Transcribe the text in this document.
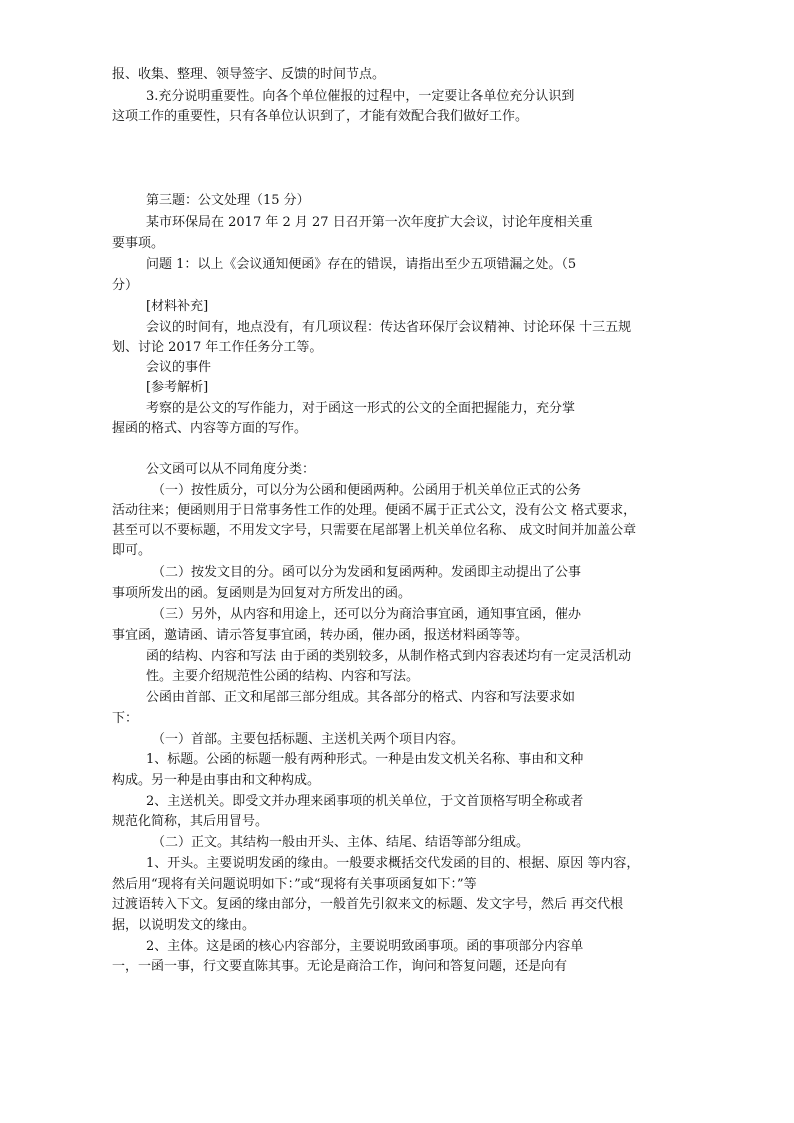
报、收集、整理、领导签字、反馈的时间节点。
3.充分说明重要性。向各个单位催报的过程中，一定要让各单位充分认识到
这项工作的重要性，只有各单位认识到了，才能有效配合我们做好工作。
第三题：公文处理（15 分）
某市环保局在 2017 年 2 月 27 日召开第一次年度扩大会议，讨论年度相关重
要事项。
问题 1：以上《会议通知便函》存在的错误，请指出至少五项错漏之处。（5
分）
[材料补充]
会议的时间有，地点没有，有几项议程：传达省环保厅会议精神、讨论环保 十三五规
划、讨论 2017 年工作任务分工等。
会议的事件
[参考解析]
考察的是公文的写作能力，对于函这一形式的公文的全面把握能力，充分掌
握函的格式、内容等方面的写作。
公文函可以从不同角度分类：
（一）按性质分，可以分为公函和便函两种。公函用于机关单位正式的公务
活动往来；便函则用于日常事务性工作的处理。便函不属于正式公文，没有公文 格式要求，
甚至可以不要标题，不用发文字号，只需要在尾部署上机关单位名称、 成文时间并加盖公章
即可。
（二）按发文目的分。函可以分为发函和复函两种。发函即主动提出了公事
事项所发出的函。复函则是为回复对方所发出的函。
（三）另外，从内容和用途上，还可以分为商洽事宜函，通知事宜函，催办
事宜函，邀请函、请示答复事宜函，转办函，催办函，报送材料函等等。
函的结构、内容和写法 由于函的类别较多，从制作格式到内容表述均有一定灵活机动
性。主要介绍规范性公函的结构、内容和写法。
公函由首部、正文和尾部三部分组成。其各部分的格式、内容和写法要求如
下：
（一）首部。主要包括标题、主送机关两个项目内容。
1、标题。公函的标题一般有两种形式。一种是由发文机关名称、事由和文种
构成。另一种是由事由和文种构成。
2、主送机关。即受文并办理来函事项的机关单位，于文首顶格写明全称或者
规范化简称，其后用冒号。
（二）正文。其结构一般由开头、主体、结尾、结语等部分组成。
1、开头。主要说明发函的缘由。一般要求概括交代发函的目的、根据、原因 等内容，
然后用“现将有关问题说明如下：”或“现将有关事项函复如下：”等
过渡语转入下文。复函的缘由部分，一般首先引叙来文的标题、发文字号，然后 再交代根
据，以说明发文的缘由。
2、主体。这是函的核心内容部分，主要说明致函事项。函的事项部分内容单
一，一函一事，行文要直陈其事。无论是商洽工作，询问和答复问题，还是向有
